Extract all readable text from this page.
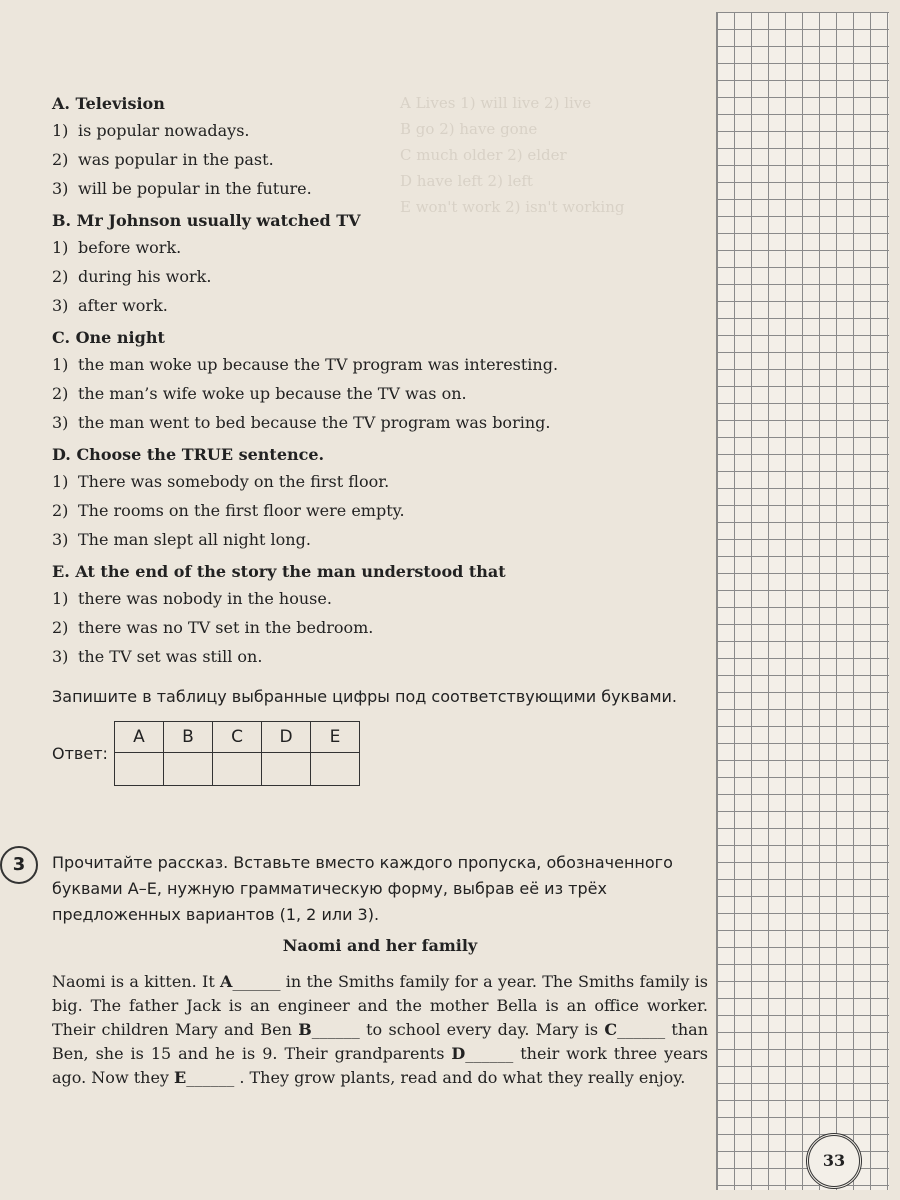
A Lives 1) will live 2) live
B go 2) have gone
C much older 2) elder
D have left 2) left
E won't work 2) isn't working
A. Television
1) is popular nowadays.
2) was popular in the past.
3) will be popular in the future.
B. Mr Johnson usually watched TV
1) before work.
2) during his work.
3) after work.
C. One night
1) the man woke up because the TV program was interesting.
2) the man’s wife woke up because the TV was on.
3) the man went to bed because the TV program was boring.
D. Choose the TRUE sentence.
1) There was somebody on the first floor.
2) The rooms on the first floor were empty.
3) The man slept all night long.
E. At the end of the story the man understood that
1) there was nobody in the house.
2) there was no TV set in the bedroom.
3) the TV set was still on.
Запишите в таблицу выбранные цифры под соответствующими буквами.
Ответ:
A	B	C	D	E

3	Прочитайте рассказ. Вставьте вместо каждого пропуска, обозначенного буквами A–E, нужную грамматическую форму, выбрав её из трёх предложенных вариантов (1, 2 или 3).
Naomi and her family
Naomi is a kitten. It A______ in the Smiths family for a year. The Smiths family is big. The father Jack is an engineer and the mother Bella is an office worker. Their children Mary and Ben B______ to school every day. Mary is C______ than Ben, she is 15 and he is 9. Their grandparents D______ their work three years ago. Now they E______ . They grow plants, read and do what they really enjoy.
33
